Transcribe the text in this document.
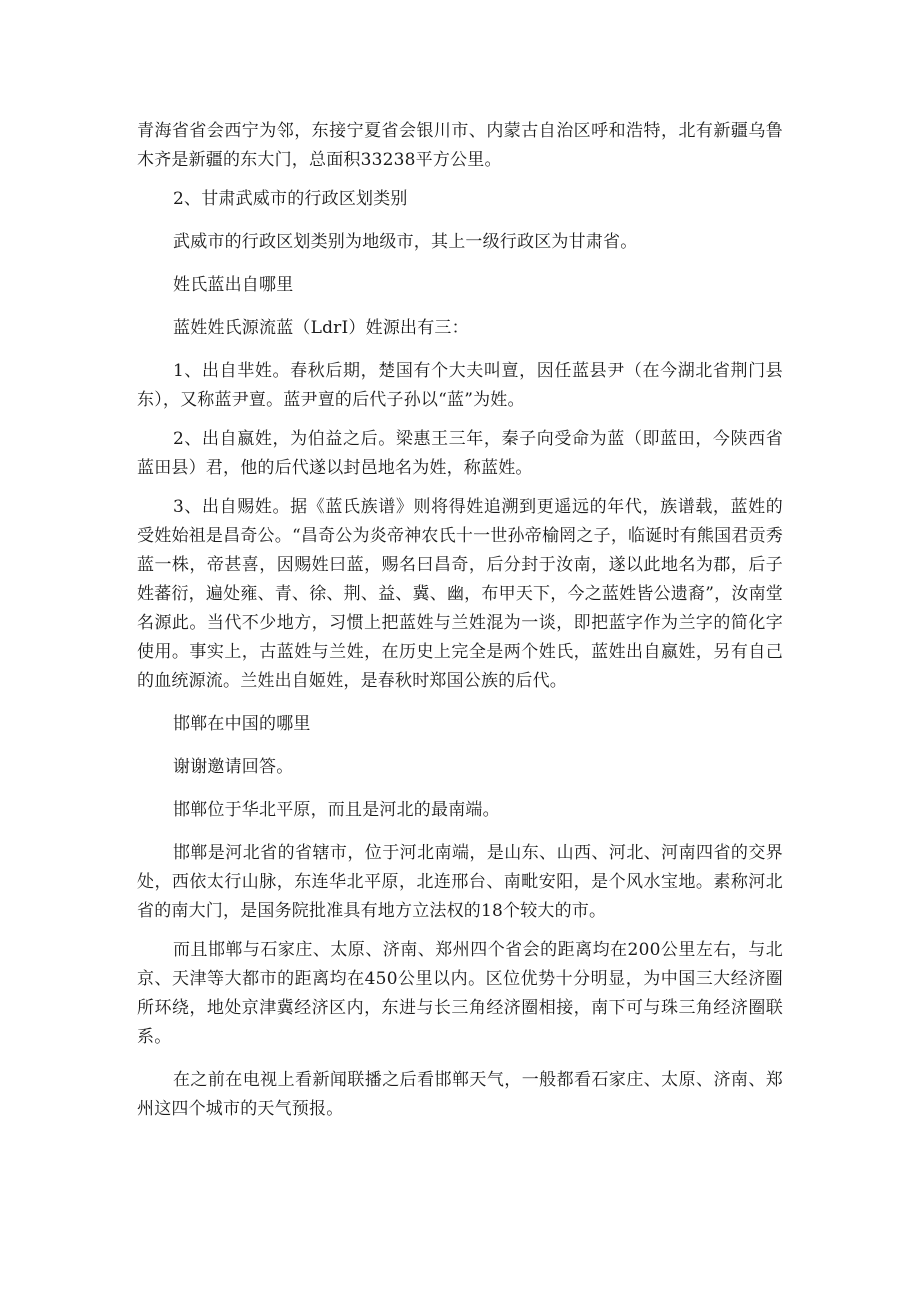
青海省省会西宁为邻，东接宁夏省会银川市、内蒙古自治区呼和浩特，北有新疆乌鲁木齐是新疆的东大门，总面积33238平方公里。

2、甘肃武威市的行政区划类别

武威市的行政区划类别为地级市，其上一级行政区为甘肃省。

姓氏蓝出自哪里

蓝姓姓氏源流蓝（LdrI）姓源出有三：

1、出自芈姓。春秋后期，楚国有个大夫叫亶，因任蓝县尹（在今湖北省荆门县东），又称蓝尹亶。蓝尹亶的后代子孙以“蓝”为姓。

2、出自嬴姓，为伯益之后。梁惠王三年，秦子向受命为蓝（即蓝田，今陕西省蓝田县）君，他的后代遂以封邑地名为姓，称蓝姓。

3、出自赐姓。据《蓝氏族谱》则将得姓追溯到更遥远的年代，族谱载，蓝姓的受姓始祖是昌奇公。“昌奇公为炎帝神农氏十一世孙帝榆罔之子，临诞时有熊国君贡秀蓝一株，帝甚喜，因赐姓曰蓝，赐名曰昌奇，后分封于汝南，遂以此地名为郡，后子姓蕃衍，遍处雍、青、徐、荆、益、冀、幽，布甲天下，今之蓝姓皆公遗裔”，汝南堂名源此。当代不少地方，习惯上把蓝姓与兰姓混为一谈，即把蓝字作为兰字的简化字使用。事实上，古蓝姓与兰姓，在历史上完全是两个姓氏，蓝姓出自嬴姓，另有自己的血统源流。兰姓出自姬姓，是春秋时郑国公族的后代。

邯郸在中国的哪里

谢谢邀请回答。

邯郸位于华北平原，而且是河北的最南端。

邯郸是河北省的省辖市，位于河北南端，是山东、山西、河北、河南四省的交界处，西依太行山脉，东连华北平原，北连邢台、南毗安阳，是个风水宝地。素称河北省的南大门，是国务院批准具有地方立法权的18个较大的市。

而且邯郸与石家庄、太原、济南、郑州四个省会的距离均在200公里左右，与北京、天津等大都市的距离均在450公里以内。区位优势十分明显，为中国三大经济圈所环绕，地处京津冀经济区内，东进与长三角经济圈相接，南下可与珠三角经济圈联系。

在之前在电视上看新闻联播之后看邯郸天气，一般都看石家庄、太原、济南、郑州这四个城市的天气预报。
